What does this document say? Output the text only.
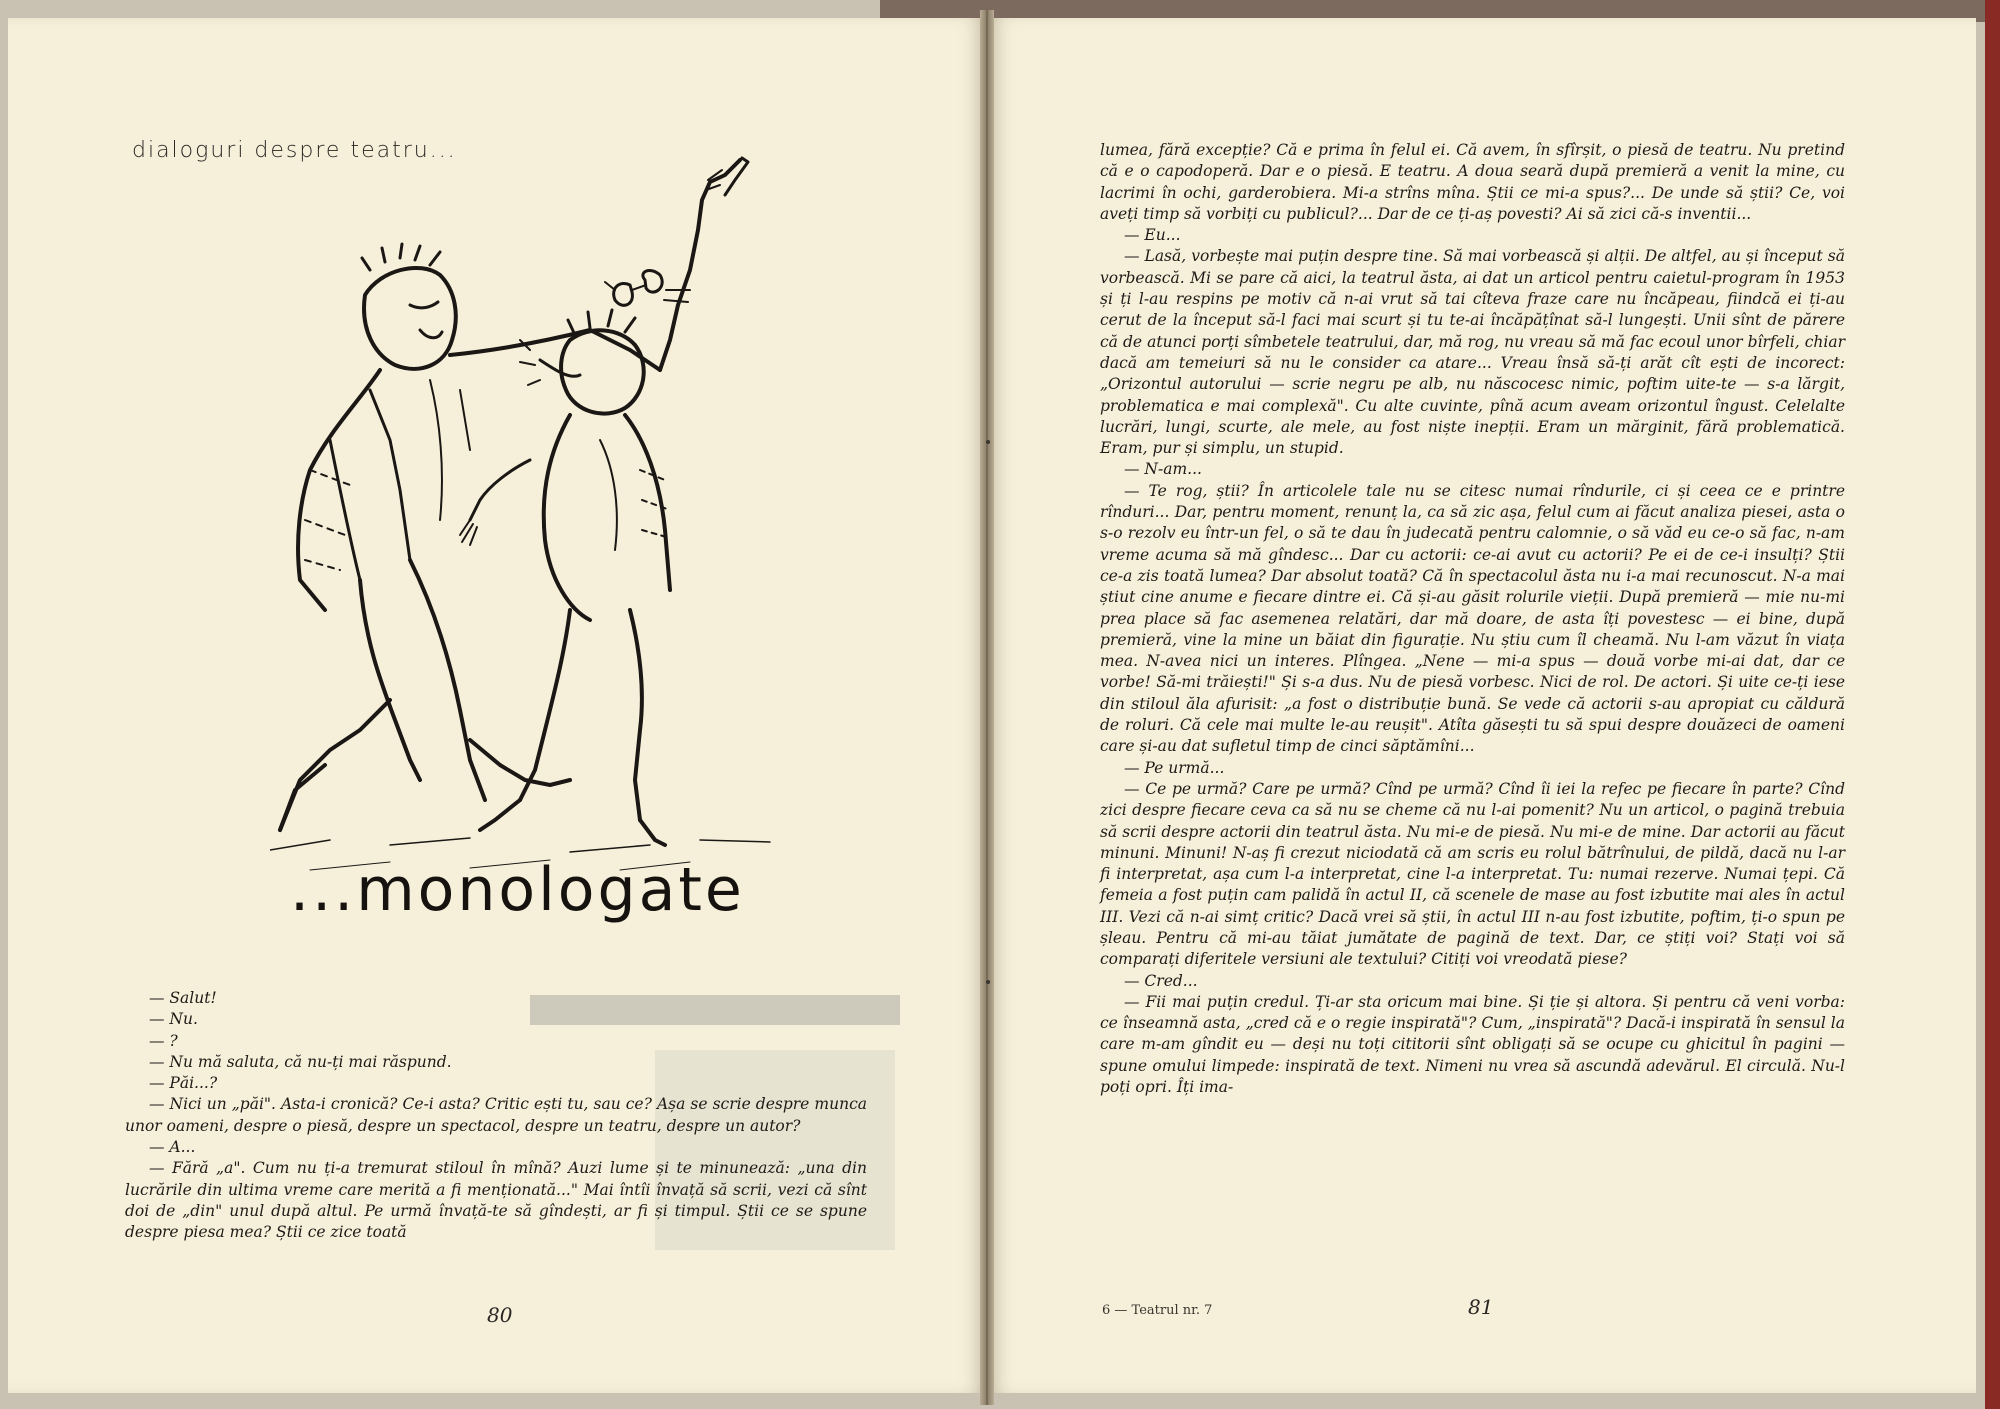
dialoguri despre teatru...
...monologate

— Salut!

— Nu.

— ?

— Nu mă saluta, că nu-ți mai răspund.

— Păi...?

— Nici un „păi". Asta-i cronică? Ce-i asta? Critic ești tu, sau ce? Așa se scrie despre munca unor oameni, despre o piesă, despre un spectacol, despre un teatru, despre un autor?

— A...

— Fără „a". Cum nu ți-a tremurat stiloul în mînă? Auzi lume și te minunează: „una din lucrările din ultima vreme care merită a fi menționată..." Mai întîi învață să scrii, vezi că sînt doi de „din" unul după altul. Pe urmă învață-te să gîndești, ar fi și timpul. Știi ce se spune despre piesa mea? Știi ce zice toată

80

lumea, fără excepție? Că e prima în felul ei. Că avem, în sfîrșit, o piesă de teatru. Nu pretind că e o capodoperă. Dar e o piesă. E teatru. A doua seară după premieră a venit la mine, cu lacrimi în ochi, garderobiera. Mi-a strîns mîna. Știi ce mi-a spus?... De unde să știi? Ce, voi aveți timp să vorbiți cu publicul?... Dar de ce ți-aș povesti? Ai să zici că-s inventii...

— Eu...

— Lasă, vorbește mai puțin despre tine. Să mai vorbească și alții. De altfel, au și început să vorbească. Mi se pare că aici, la teatrul ăsta, ai dat un articol pentru caietul-program în 1953 și ți l-au respins pe motiv că n-ai vrut să tai cîteva fraze care nu încăpeau, fiindcă ei ți-au cerut de la început să-l faci mai scurt și tu te-ai încăpățînat să-l lungești. Unii sînt de părere că de atunci porți sîmbetele teatrului, dar, mă rog, nu vreau să mă fac ecoul unor bîrfeli, chiar dacă am temeiuri să nu le consider ca atare... Vreau însă să-ți arăt cît ești de incorect: „Orizontul autorului — scrie negru pe alb, nu născocesc nimic, poftim uite-te — s-a lărgit, problematica e mai complexă". Cu alte cuvinte, pînă acum aveam orizontul îngust. Celelalte lucrări, lungi, scurte, ale mele, au fost niște inepții. Eram un mărginit, fără problematică. Eram, pur și simplu, un stupid.

— N-am...

— Te rog, știi? În articolele tale nu se citesc numai rîndurile, ci și ceea ce e printre rînduri... Dar, pentru moment, renunț la, ca să zic așa, felul cum ai făcut analiza piesei, asta o s-o rezolv eu într-un fel, o să te dau în judecată pentru calomnie, o să văd eu ce-o să fac, n-am vreme acuma să mă gîndesc... Dar cu actorii: ce-ai avut cu actorii? Pe ei de ce-i insulți? Știi ce-a zis toată lumea? Dar absolut toată? Că în spectacolul ăsta nu i-a mai recunoscut. N-a mai știut cine anume e fiecare dintre ei. Că și-au găsit rolurile vieții. După premieră — mie nu-mi prea place să fac asemenea relatări, dar mă doare, de asta îți povestesc — ei bine, după premieră, vine la mine un băiat din figurație. Nu știu cum îl cheamă. Nu l-am văzut în viața mea. N-avea nici un interes. Plîngea. „Nene — mi-a spus — două vorbe mi-ai dat, dar ce vorbe! Să-mi trăiești!" Și s-a dus. Nu de piesă vorbesc. Nici de rol. De actori. Și uite ce-ți iese din stiloul ăla afurisit: „a fost o distribuție bună. Se vede că actorii s-au apropiat cu căldură de roluri. Că cele mai multe le-au reușit". Atîta găsești tu să spui despre douăzeci de oameni care și-au dat sufletul timp de cinci săptămîni...

— Pe urmă...

— Ce pe urmă? Care pe urmă? Cînd pe urmă? Cînd îi iei la refec pe fiecare în parte? Cînd zici despre fiecare ceva ca să nu se cheme că nu l-ai pomenit? Nu un articol, o pagină trebuia să scrii despre actorii din teatrul ăsta. Nu mi-e de piesă. Nu mi-e de mine. Dar actorii au făcut minuni. Minuni! N-aș fi crezut niciodată că am scris eu rolul bătrînului, de pildă, dacă nu l-ar fi interpretat, așa cum l-a interpretat, cine l-a interpretat. Tu: numai rezerve. Numai țepi. Că femeia a fost puțin cam palidă în actul II, că scenele de mase au fost izbutite mai ales în actul III. Vezi că n-ai simț critic? Dacă vrei să știi, în actul III n-au fost izbutite, poftim, ți-o spun pe șleau. Pentru că mi-au tăiat jumătate de pagină de text. Dar, ce știți voi? Stați voi să comparați diferitele versiuni ale textului? Citiți voi vreodată piese?

— Cred...

— Fii mai puțin credul. Ți-ar sta oricum mai bine. Și ție și altora. Și pentru că veni vorba: ce înseamnă asta, „cred că e o regie inspirată"? Cum, „inspirată"? Dacă-i inspirată în sensul la care m-am gîndit eu — deși nu toți cititorii sînt obligați să se ocupe cu ghicitul în pagini — spune omului limpede: inspirată de text. Nimeni nu vrea să ascundă adevărul. El circulă. Nu-l poți opri. Îți ima-

6 — Teatrul nr. 7	81
